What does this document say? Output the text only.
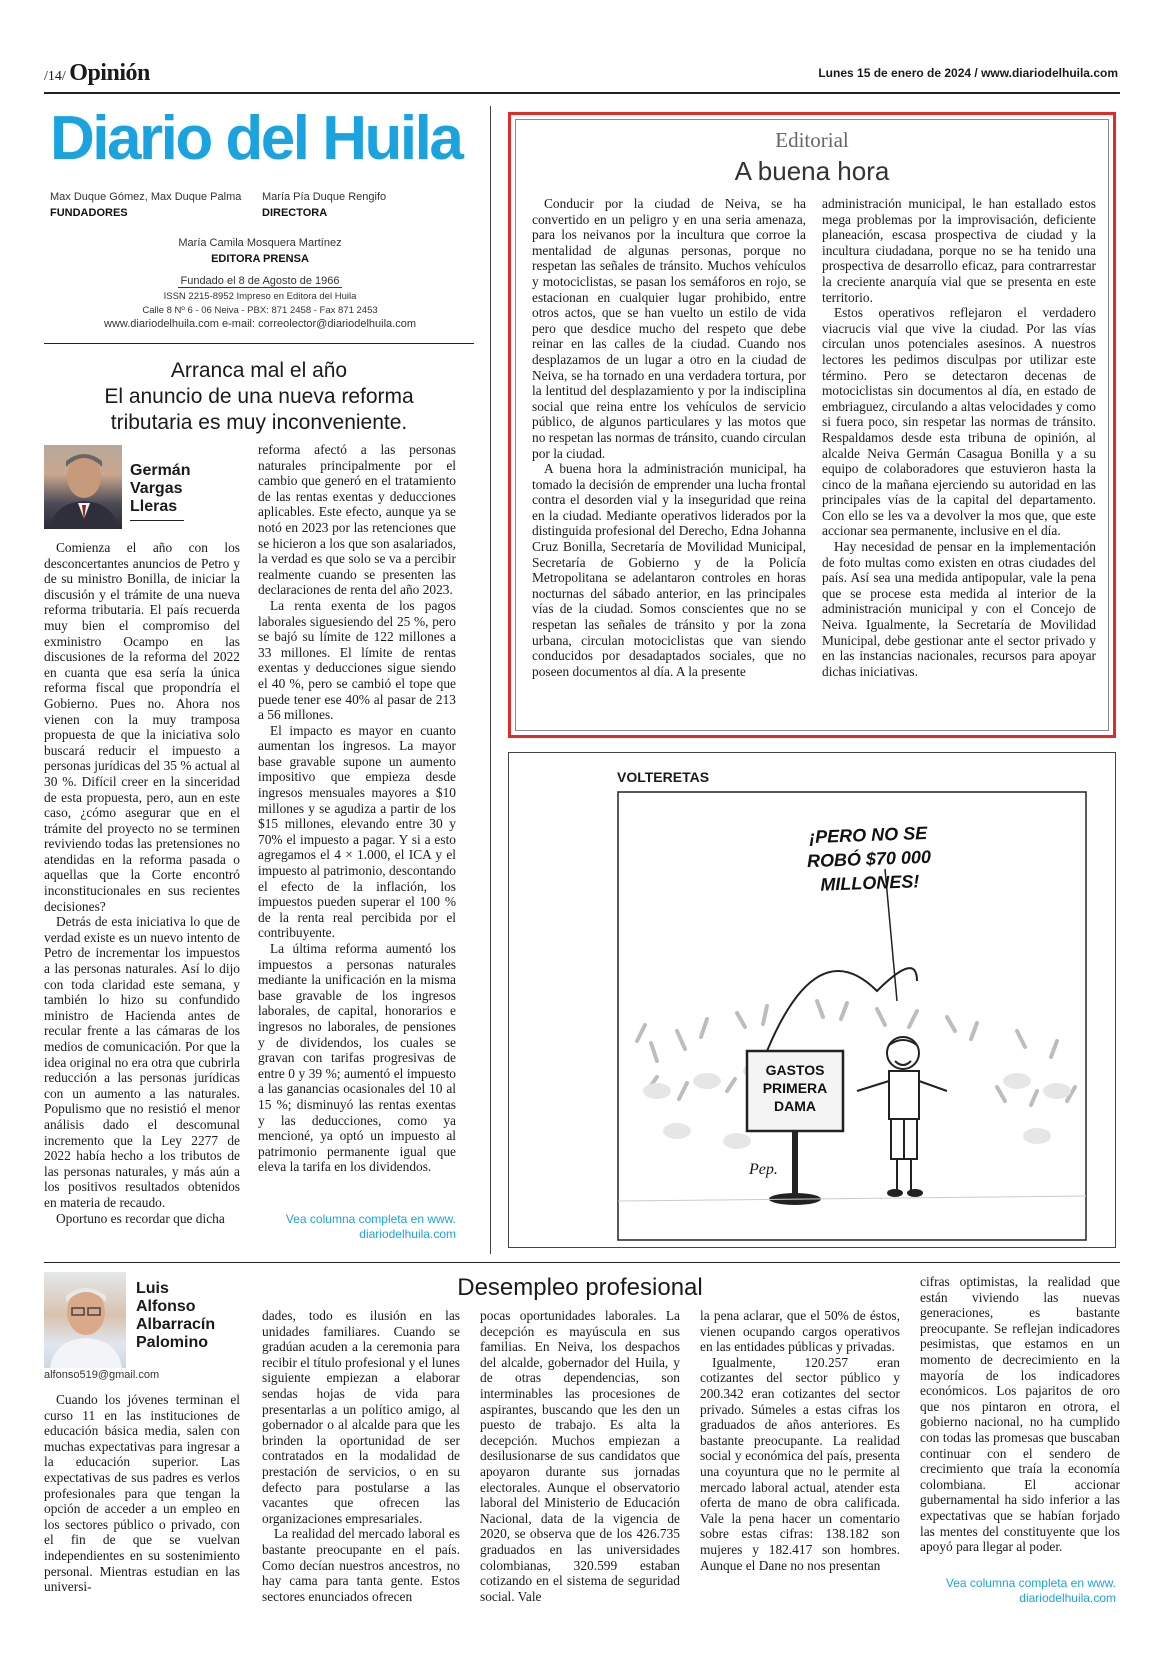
/14/ Opinión	Lunes 15 de enero de 2024 / www.diariodelhuila.com
Diario del Huila
Max Duque Gómez, Max Duque Palma
FUNDADORES
María Pía Duque Rengifo
DIRECTORA
María Camila Mosquera Martínez
EDITORA PRENSA
Fundado el 8 de Agosto de 1966
ISSN 2215-8952 Impreso en Editora del Huila
Calle 8 Nº 6 - 06 Neiva - PBX: 871 2458 - Fax 871 2453
www.diariodelhuila.com e-mail: correolector@diariodelhuila.com
Arranca mal el año
El anuncio de una nueva reforma
tributaria es muy inconveniente.
Germán
Vargas
Lleras

Comienza el año con los desconcertantes anuncios de Petro y de su ministro Bonilla, de iniciar la discusión y el trámite de una nueva reforma tributaria. El país recuerda muy bien el compromiso del exministro Ocampo en las discusiones de la reforma del 2022 en cuanta que esa sería la única reforma fiscal que propondría el Gobierno. Pues no. Ahora nos vienen con la muy tramposa propuesta de que la iniciativa solo buscará reducir el impuesto a personas jurídicas del 35 % actual al 30 %. Difícil creer en la sinceridad de esta propuesta, pero, aun en este caso, ¿cómo asegurar que en el trámite del proyecto no se terminen reviviendo todas las pretensiones no atendidas en la reforma pasada o aquellas que la Corte encontró inconstitucionales en sus recientes decisiones?

Detrás de esta iniciativa lo que de verdad existe es un nuevo intento de Petro de incrementar los impuestos a las personas naturales. Así lo dijo con toda claridad este semana, y también lo hizo su confundido ministro de Hacienda antes de recular frente a las cámaras de los medios de comunicación. Por que la idea original no era otra que cubrirla reducción a las personas jurídicas con un aumento a las naturales. Populismo que no resistió el menor análisis dado el descomunal incremento que la Ley 2277 de 2022 había hecho a los tributos de las personas naturales, y más aún a los positivos resultados obtenidos en materia de recaudo.

Oportuno es recordar que dicha

reforma afectó a las personas naturales principalmente por el cambio que generó en el tratamiento de las rentas exentas y deducciones aplicables. Este efecto, aunque ya se notó en 2023 por las retenciones que se hicieron a los que son asalariados, la verdad es que solo se va a percibir realmente cuando se presenten las declaraciones de renta del año 2023.

La renta exenta de los pagos laborales siguesiendo del 25 %, pero se bajó su límite de 122 millones a 33 millones. El límite de rentas exentas y deducciones sigue siendo el 40 %, pero se cambió el tope que puede tener ese 40% al pasar de 213 a 56 millones.

El impacto es mayor en cuanto aumentan los ingresos. La mayor base gravable supone un aumento impositivo que empieza desde ingresos mensuales mayores a $10 millones y se agudiza a partir de los $15 millones, elevando entre 30 y 70% el impuesto a pagar. Y si a esto agregamos el 4 × 1.000, el ICA y el impuesto al patrimonio, descontando el efecto de la inflación, los impuestos pueden superar el 100 % de la renta real percibida por el contribuyente.

La última reforma aumentó los impuestos a personas naturales mediante la unificación en la misma base gravable de los ingresos laborales, de capital, honorarios e ingresos no laborales, de pensiones y de dividendos, los cuales se gravan con tarifas progresivas de entre 0 y 39 %; aumentó el impuesto a las ganancias ocasionales del 10 al 15 %; disminuyó las rentas exentas y las deducciones, como ya mencioné, ya optó un impuesto al patrimonio permanente igual que eleva la tarifa en los dividendos.

Vea columna completa en www.
diariodelhuila.com
Editorial
A buena hora

Conducir por la ciudad de Neiva, se ha convertido en un peligro y en una seria amenaza, para los neivanos por la incultura que corroe la mentalidad de algunas personas, porque no respetan las señales de tránsito. Muchos vehículos y motociclistas, se pasan los semáforos en rojo, se estacionan en cualquier lugar prohibido, entre otros actos, que se han vuelto un estilo de vida pero que desdice mucho del respeto que debe reinar en las calles de la ciudad. Cuando nos desplazamos de un lugar a otro en la ciudad de Neiva, se ha tornado en una verdadera tortura, por la lentitud del desplazamiento y por la indisciplina social que reina entre los vehículos de servicio público, de algunos particulares y las motos que no respetan las normas de tránsito, cuando circulan por la ciudad.

A buena hora la administración municipal, ha tomado la decisión de emprender una lucha frontal contra el desorden vial y la inseguridad que reina en la ciudad. Mediante operativos liderados por la distinguida profesional del Derecho, Edna Johanna Cruz Bonilla, Secretaría de Movilidad Municipal, Secretaría de Gobierno y de la Policía Metropolitana se adelantaron controles en horas nocturnas del sábado anterior, en las principales vías de la ciudad. Somos conscientes que no se respetan las señales de tránsito y por la zona urbana, circulan motociclistas que van siendo conducidos por desadaptados sociales, que no poseen documentos al día. A la presente

administración municipal, le han estallado estos mega problemas por la improvisación, deficiente planeación, escasa prospectiva de ciudad y la incultura ciudadana, porque no se ha tenido una prospectiva de desarrollo eficaz, para contrarrestar la creciente anarquía vial que se presenta en este territorio.

Estos operativos reflejaron el verdadero viacrucis vial que vive la ciudad. Por las vías circulan unos potenciales asesinos. A nuestros lectores les pedimos disculpas por utilizar este término. Pero se detectaron decenas de motociclistas sin documentos al día, en estado de embriaguez, circulando a altas velocidades y como si fuera poco, sin respetar las normas de tránsito. Respaldamos desde esta tribuna de opinión, al alcalde Neiva Germán Casagua Bonilla y a su equipo de colaboradores que estuvieron hasta la cinco de la mañana ejerciendo su autoridad en las principales vías de la capital del departamento. Con ello se les va a devolver la mos que, que este accionar sea permanente, inclusive en el día.

Hay necesidad de pensar en la implementación de foto multas como existen en otras ciudades del país. Así sea una medida antipopular, vale la pena que se procese esta medida al interior de la administración municipal y con el Concejo de Neiva. Igualmente, la Secretaría de Movilidad Municipal, debe gestionar ante el sector privado y en las instancias nacionales, recursos para apoyar dichas iniciativas.

VOLTERETAS
¡PERO NO SE
ROBÓ $70 000
MILLONES!
GASTOS
PRIMERA
DAMA
Pep.
Luis
Alfonso
Albarracín
Palomino
alfonso519@gmail.com
Desempleo profesional

Cuando los jóvenes terminan el curso 11 en las instituciones de educación básica media, salen con muchas expectativas para ingresar a la educación superior. Las expectativas de sus padres es verlos profesionales para que tengan la opción de acceder a un empleo en los sectores público o privado, con el fin de que se vuelvan independientes en su sostenimiento personal. Mientras estudian en las universi-

dades, todo es ilusión en las unidades familiares. Cuando se gradúan acuden a la ceremonia para recibir el título profesional y el lunes siguiente empiezan a elaborar sendas hojas de vida para presentarlas a un político amigo, al gobernador o al alcalde para que les brinden la oportunidad de ser contratados en la modalidad de prestación de servicios, o en su defecto para postularse a las vacantes que ofrecen las organizaciones empresariales.

La realidad del mercado laboral es bastante preocupante en el país. Como decían nuestros ancestros, no hay cama para tanta gente. Estos sectores enunciados ofrecen

pocas oportunidades laborales. La decepción es mayúscula en sus familias. En Neiva, los despachos del alcalde, gobernador del Huila, y de otras dependencias, son interminables las procesiones de aspirantes, buscando que les den un puesto de trabajo. Es alta la decepción. Muchos empiezan a desilusionarse de sus candidatos que apoyaron durante sus jornadas electorales. Aunque el observatorio laboral del Ministerio de Educación Nacional, data de la vigencia de 2020, se observa que de los 426.735 graduados en las universidades colombianas, 320.599 estaban cotizando en el sistema de seguridad social. Vale

la pena aclarar, que el 50% de éstos, vienen ocupando cargos operativos en las entidades públicas y privadas.

Igualmente, 120.257 eran cotizantes del sector público y 200.342 eran cotizantes del sector privado. Súmeles a estas cifras los graduados de años anteriores. Es bastante preocupante. La realidad social y económica del país, presenta una coyuntura que no le permite al mercado laboral actual, atender esta oferta de mano de obra calificada. Vale la pena hacer un comentario sobre estas cifras: 138.182 son mujeres y 182.417 son hombres. Aunque el Dane no nos presentan

cifras optimistas, la realidad que están viviendo las nuevas generaciones, es bastante preocupante. Se reflejan indicadores pesimistas, que estamos en un momento de decrecimiento en la mayoría de los indicadores económicos. Los pajaritos de oro que nos pintaron en otrora, el gobierno nacional, no ha cumplido con todas las promesas que buscaban continuar con el sendero de crecimiento que traía la economía colombiana. El accionar gubernamental ha sido inferior a las expectativas que se habían forjado las mentes del constituyente que los apoyó para llegar al poder.

Vea columna completa en www.
diariodelhuila.com
